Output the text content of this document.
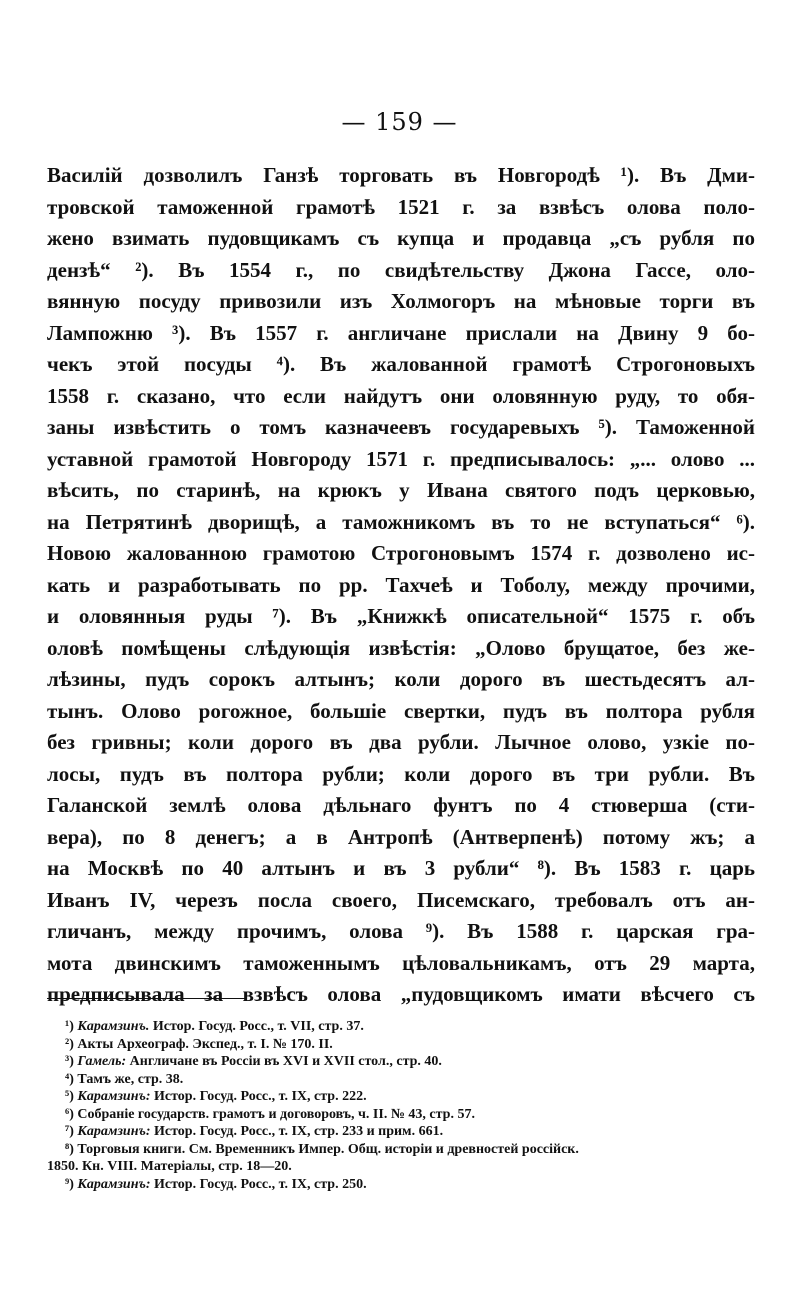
— 159 —
Василій дозволилъ Ганзѣ торговать въ Новгородѣ ¹). Въ Дми-
тровской таможенной грамотѣ 1521 г. за взвѣсъ олова поло-
жено взимать пудовщикамъ съ купца и продавца „съ рубля по
дензѣ“ ²). Въ 1554 г., по свидѣтельству Джона Гассе, оло-
вянную посуду привозили изъ Холмогоръ на мѣновые торги въ
Лампожню ³). Въ 1557 г. англичане прислали на Двину 9 бо-
чекъ этой посуды ⁴). Въ жалованной грамотѣ Строгоновыхъ
1558 г. сказано, что если найдутъ они оловянную руду, то обя-
заны извѣстить о томъ казначеевъ государевыхъ ⁵). Таможенной
уставной грамотой Новгороду 1571 г. предписывалось: „... олово ...
вѣсить, по старинѣ, на крюкъ у Ивана святого подъ церковью,
на Петрятинѣ дворищѣ, а таможникомъ въ то не вступаться“ ⁶).
Новою жалованною грамотою Строгоновымъ 1574 г. дозволено ис-
кать и разработывать по рр. Тахчеѣ и Тоболу, между прочими,
и оловянныя руды ⁷). Въ „Книжкѣ описательной“ 1575 г. объ
оловѣ помѣщены слѣдующія извѣстія: „Олово брущатое, без же-
лѣзины, пудъ сорокъ алтынъ; коли дорого въ шестьдесятъ ал-
тынъ. Олово рогожное, большіе свертки, пудъ въ полтора рубля
без гривны; коли дорого въ два рубли. Лычное олово, узкіе по-
лосы, пудъ въ полтора рубли; коли дорого въ три рубли. Въ
Галанской землѣ олова дѣльнаго фунтъ по 4 стюверша (сти-
вера), по 8 денегъ; а в Антропѣ (Антверпенѣ) потому жъ; а
на Москвѣ по 40 алтынъ и въ 3 рубли“ ⁸). Въ 1583 г. царь
Иванъ IV, черезъ посла своего, Писемскаго, требовалъ отъ ан-
гличанъ, между прочимъ, олова ⁹). Въ 1588 г. царская гра-
мота двинскимъ таможеннымъ цѣловальникамъ, отъ 29 марта,
предписывала за взвѣсъ олова „пудовщикомъ имати вѣсчего съ
¹) Карамзинъ. Истор. Госуд. Росс., т. VII, стр. 37.
²) Акты Археограф. Экспед., т. I. № 170. II.
³) Гамель: Англичане въ Россіи въ XVI и XVII стол., стр. 40.
⁴) Тамъ же, стр. 38.
⁵) Карамзинъ: Истор. Госуд. Росс., т. IX, стр. 222.
⁶) Собраніе государств. грамотъ и договоровъ, ч. II. № 43, стр. 57.
⁷) Карамзинъ: Истор. Госуд. Росс., т. IX, стр. 233 и прим. 661.
⁸) Торговыя книги. См. Временникъ Импер. Общ. исторіи и древностей россійск.
1850. Кн. VIII. Матеріалы, стр. 18—20.
⁹) Карамзинъ: Истор. Госуд. Росс., т. IX, стр. 250.
